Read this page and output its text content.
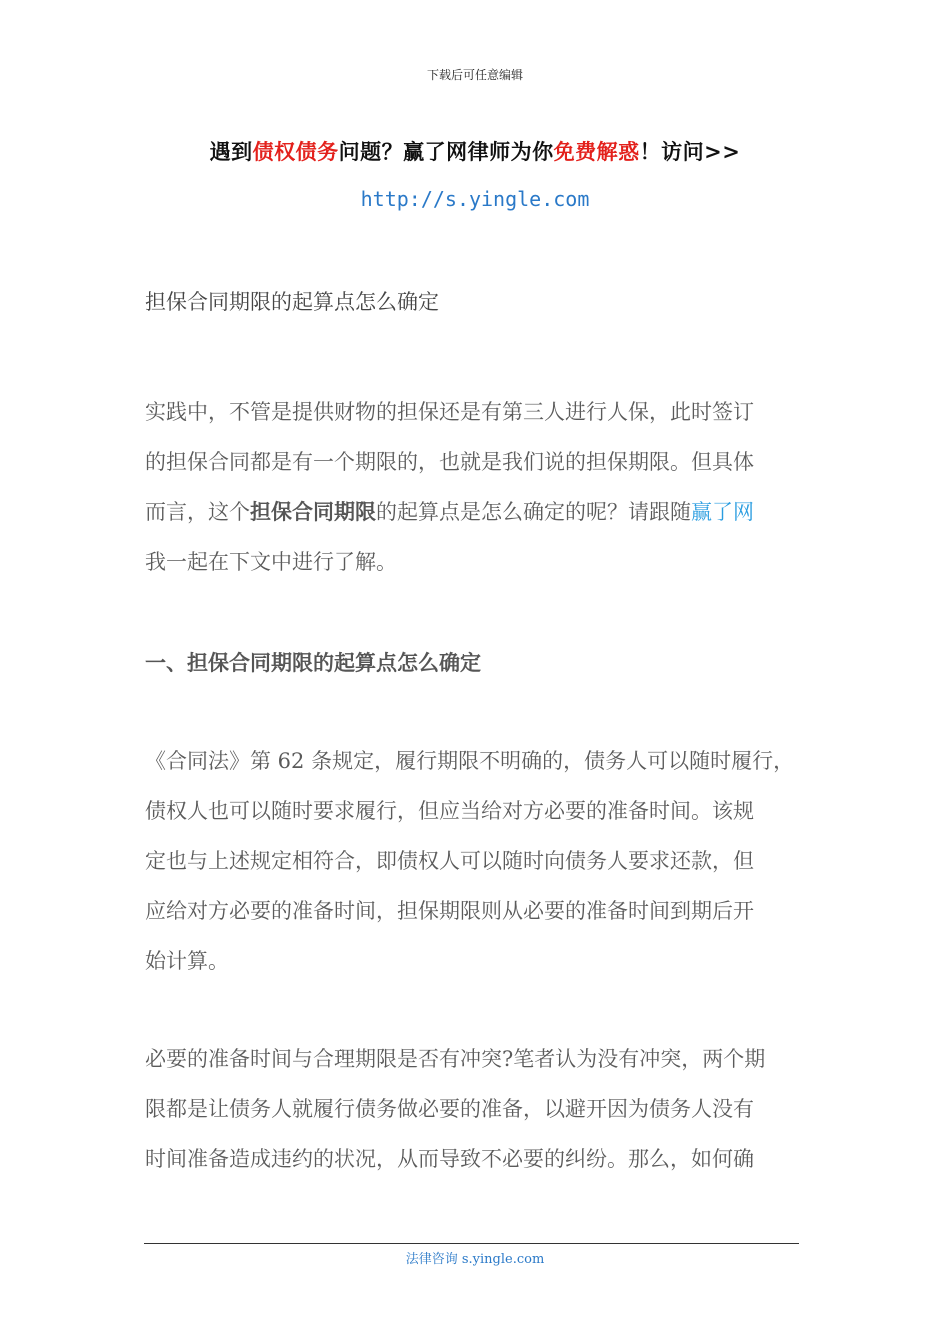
下载后可任意编辑
遇到债权债务问题？赢了网律师为你免费解惑！访问>>
http://s.yingle.com
担保合同期限的起算点怎么确定
实践中，不管是提供财物的担保还是有第三人进行人保，此时签订
的担保合同都是有一个期限的，也就是我们说的担保期限。但具体
而言，这个担保合同期限的起算点是怎么确定的呢？请跟随赢了网
我一起在下文中进行了解。
一、担保合同期限的起算点怎么确定
《合同法》第 62 条规定，履行期限不明确的，债务人可以随时履行，
债权人也可以随时要求履行，但应当给对方必要的准备时间。该规
定也与上述规定相符合，即债权人可以随时向债务人要求还款，但
应给对方必要的准备时间，担保期限则从必要的准备时间到期后开
始计算。
必要的准备时间与合理期限是否有冲突?笔者认为没有冲突，两个期
限都是让债务人就履行债务做必要的准备，以避开因为债务人没有
时间准备造成违约的状况，从而导致不必要的纠纷。那么，如何确
法律咨询 s.yingle.com
